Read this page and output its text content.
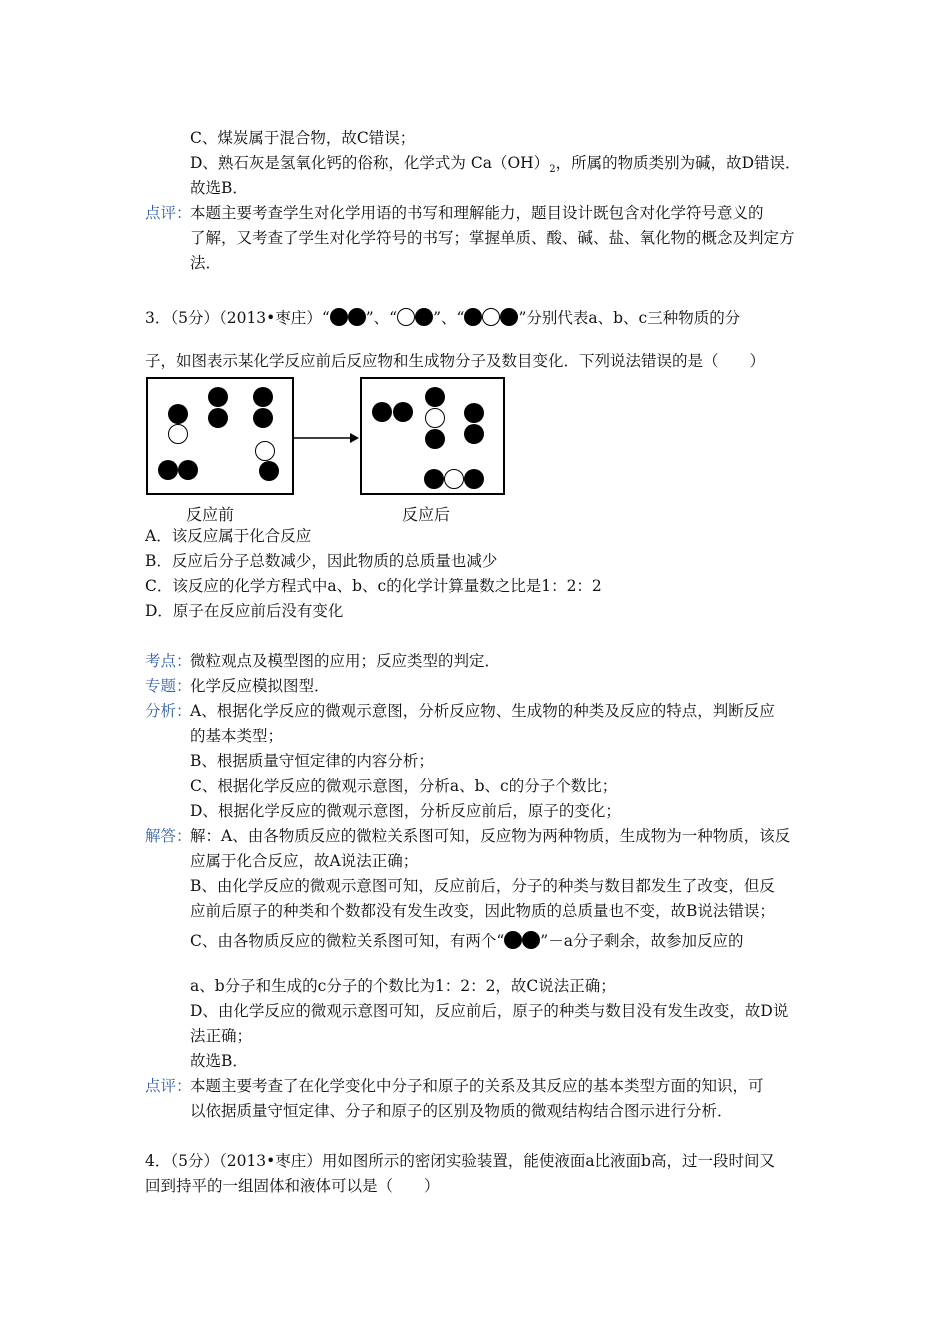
C、煤炭属于混合物，故C错误；
D、熟石灰是氢氧化钙的俗称，化学式为 $Ca(OH)_2$，所属的物质类别为碱，故D错误．
故选B．
点评：
本题主要考查学生对化学用语的书写和理解能力，题目设计既包含对化学符号意义的
了解，又考查了学生对化学符号的书写；掌握单质、酸、碱、盐、氧化物的概念及判定方
法．
3．（5分）（2013•枣庄）“ ”、“ ”、“	”分别代表a、b、c三种物质的分
子，如图表示某化学反应前后反应物和生成物分子及数目变化．下列说法错误的是（　　）
反应前	反应后
A．该反应属于化合反应
B．反应后分子总数减少，因此物质的总质量也减少
C．该反应的化学方程式中a、b、c的化学计算量数之比是1：2：2
D．原子在反应前后没有变化
考点：
微粒观点及模型图的应用；反应类型的判定．
专题：
化学反应模拟图型．
分析：
A、根据化学反应的微观示意图，分析反应物、生成物的种类及反应的特点，判断反应
的基本类型；
B、根据质量守恒定律的内容分析；
C、根据化学反应的微观示意图，分析a、b、c的分子个数比；
D、根据化学反应的微观示意图，分析反应前后，原子的变化；
解答：
解：A、由各物质反应的微粒关系图可知，反应物为两种物质，生成物为一种物质，该反
应属于化合反应，故A说法正确；
B、由化学反应的微观示意图可知，反应前后，分子的种类与数目都发生了改变，但反
应前后原子的种类和个数都没有发生改变，因此物质的总质量也不变，故B说法错误；
C、由各物质反应的微粒关系图可知，有两个“ ”－a分子剩余，故参加反应的
a、b分子和生成的c分子的个数比为1：2：2，故C说法正确；
D、由化学反应的微观示意图可知，反应前后，原子的种类与数目没有发生改变，故D说
法正确；
故选B．
点评：
本题主要考查了在化学变化中分子和原子的关系及其反应的基本类型方面的知识，可
以依据质量守恒定律、分子和原子的区别及物质的微观结构结合图示进行分析．
4．（5分）（2013•枣庄）用如图所示的密闭实验装置，能使液面a比液面b高，过一段时间又
回到持平的一组固体和液体可以是（　　）
